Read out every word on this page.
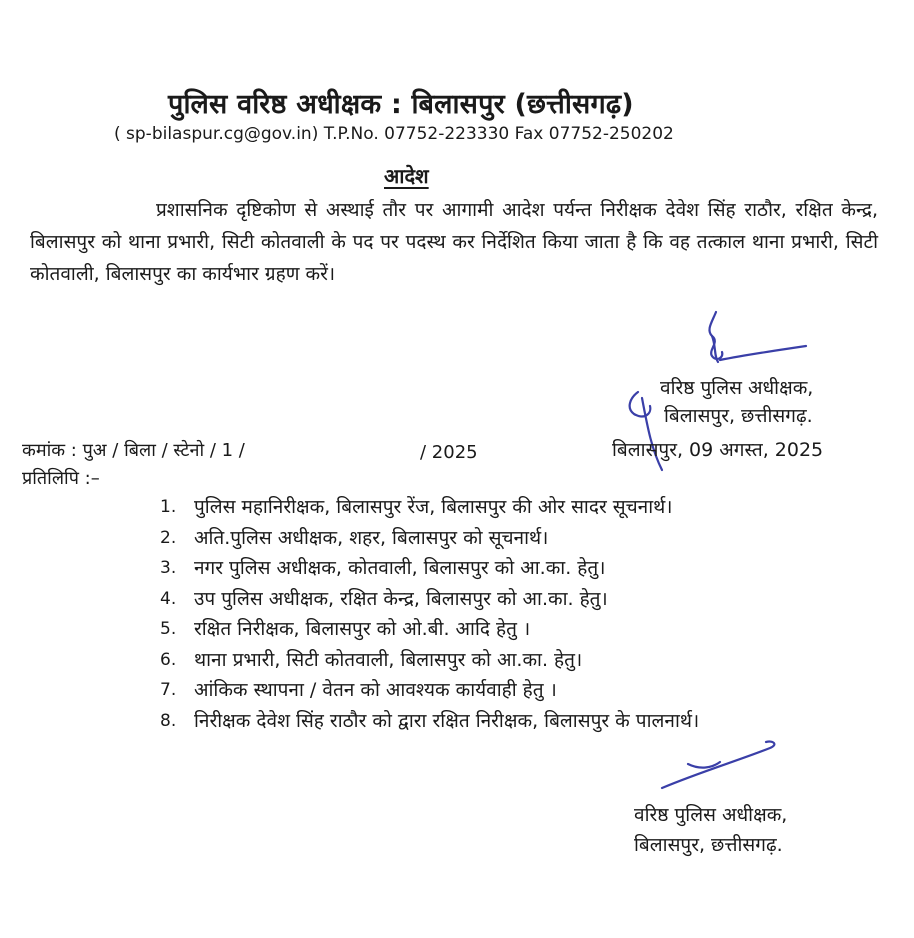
पुलिस वरिष्ठ अधीक्षक : बिलासपुर (छत्तीसगढ़)
( sp-bilaspur.cg@gov.in) T.P.No. 07752-223330 Fax 07752-250202
आदेश
प्रशासनिक दृष्टिकोण से अस्थाई तौर पर आगामी आदेश पर्यन्त निरीक्षक देवेश सिंह राठौर, रक्षित केन्द्र, बिलासपुर को थाना प्रभारी, सिटी कोतवाली के पद पर पदस्थ कर निर्देशित किया जाता है कि वह तत्काल थाना प्रभारी, सिटी कोतवाली, बिलासपुर का कार्यभार ग्रहण करें।
वरिष्ठ पुलिस अधीक्षक,
बिलासपुर, छत्तीसगढ़.
बिलासपुर, 09 अगस्त, 2025
कमांक : पुअ / बिला / स्टेनो / 1 /	/ 2025
प्रतिलिपि :–
1. पुलिस महानिरीक्षक, बिलासपुर रेंज, बिलासपुर की ओर सादर सूचनार्थ।
2. अति.पुलिस अधीक्षक, शहर, बिलासपुर को सूचनार्थ।
3. नगर पुलिस अधीक्षक, कोतवाली, बिलासपुर को आ.का. हेतु।
4. उप पुलिस अधीक्षक, रक्षित केन्द्र, बिलासपुर को आ.का. हेतु।
5. रक्षित निरीक्षक, बिलासपुर को ओ.बी. आदि हेतु ।
6. थाना प्रभारी, सिटी कोतवाली, बिलासपुर को आ.का. हेतु।
7. आंकिक स्थापना / वेतन को आवश्यक कार्यवाही हेतु ।
8. निरीक्षक देवेश सिंह राठौर को द्वारा रक्षित निरीक्षक, बिलासपुर के पालनार्थ।
वरिष्ठ पुलिस अधीक्षक,
बिलासपुर, छत्तीसगढ़.
